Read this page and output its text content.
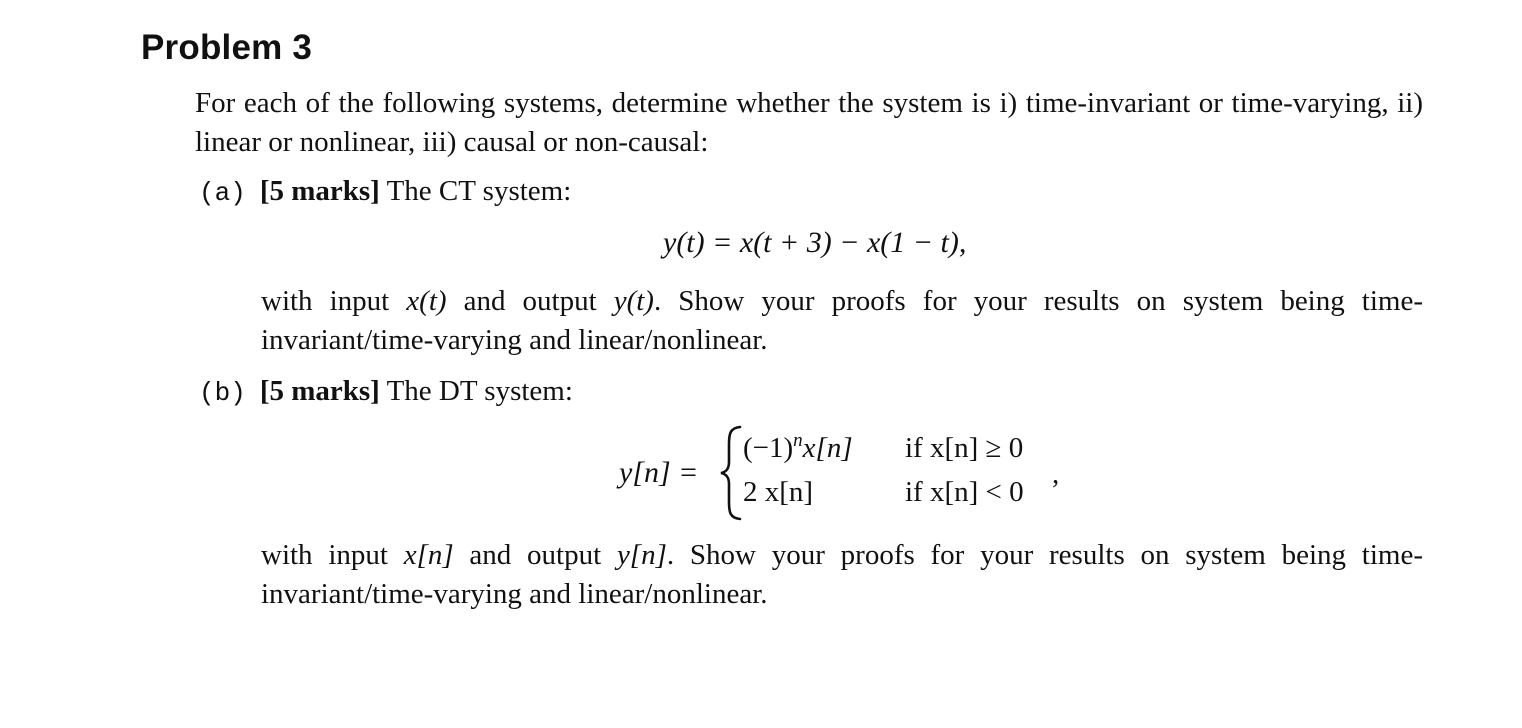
Problem 3
For each of the following systems, determine whether the system is i) time-invariant or time-varying, ii) linear or nonlinear, iii) causal or non-causal:
(a) [5 marks] The CT system:
y(t) = x(t + 3) − x(1 − t),
with input x(t) and output y(t). Show your proofs for your results on system being time-invariant/time-varying and linear/nonlinear.
(b) [5 marks] The DT system:
y[n] =
$(-1)^nx[n]$ if x[n] ≥ 0
2 x[n]	if x[n] < 0
,
with input x[n] and output y[n]. Show your proofs for your results on system being time-invariant/time-varying and linear/nonlinear.
